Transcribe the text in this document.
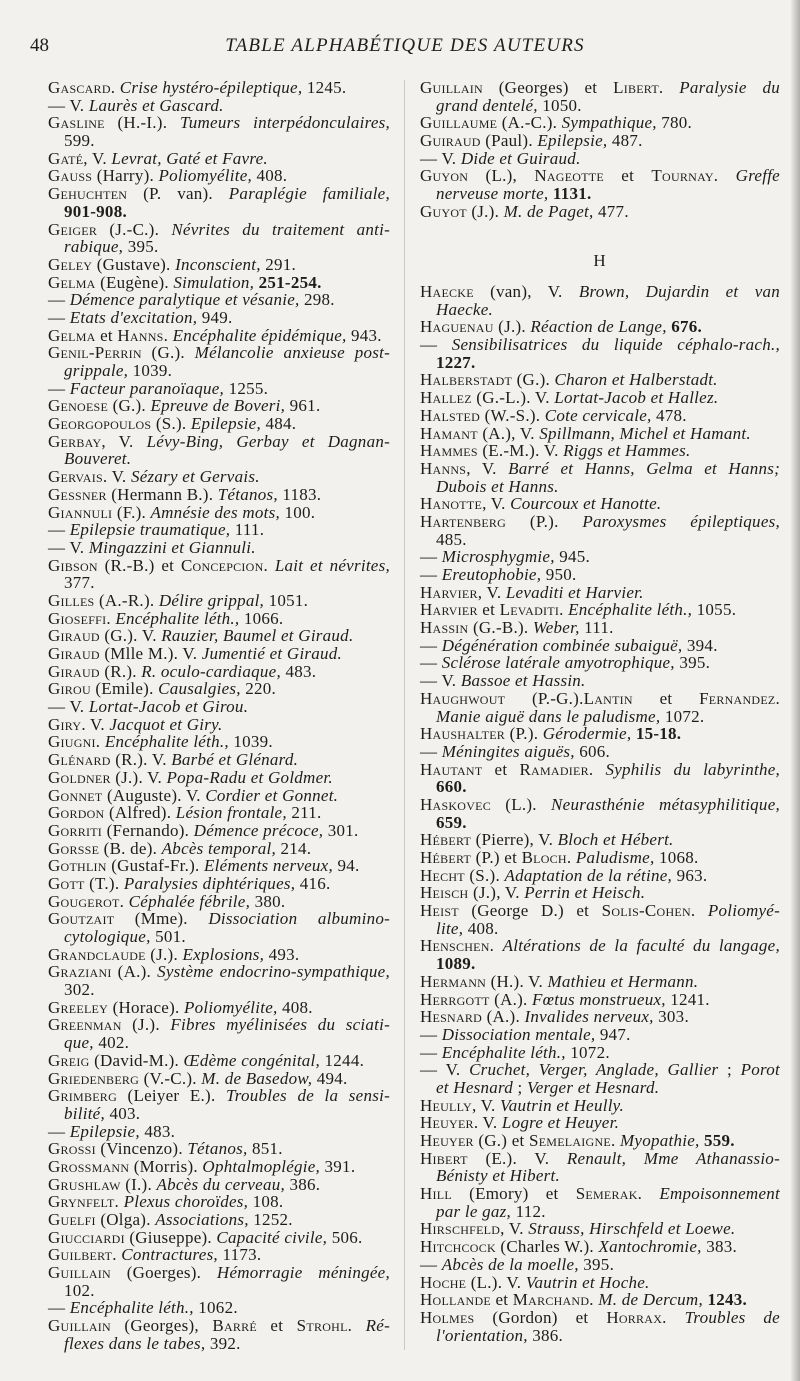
48	TABLE ALPHABÉTIQUE DES AUTEURS
Gascard. Crise hystéro-épileptique, 1245.
— V. Laurès et Gascard.
Gasline (H.-I.). Tumeurs interpédonculaires,
599.
Gaté, V. Levrat, Gaté et Favre.
Gauss (Harry). Poliomyélite, 408.
Gehuchten (P. van). Paraplégie familiale,
901-908.
Geiger (J.-C.). Névrites du traitement anti-
rabique, 395.
Geley (Gustave). Inconscient, 291.
Gelma (Eugène). Simulation, 251-254.
— Démence paralytique et vésanie, 298.
— Etats d'excitation, 949.
Gelma et Hanns. Encéphalite épidémique, 943.
Genil-Perrin (G.). Mélancolie anxieuse post-
grippale, 1039.
— Facteur paranoïaque, 1255.
Genoese (G.). Epreuve de Boveri, 961.
Georgopoulos (S.). Epilepsie, 484.
Gerbay, V. Lévy-Bing, Gerbay et Dagnan-
Bouveret.
Gervais. V. Sézary et Gervais.
Gessner (Hermann B.). Tétanos, 1183.
Giannuli (F.). Amnésie des mots, 100.
— Epilepsie traumatique, 111.
— V. Mingazzini et Giannuli.
Gibson (R.-B.) et Concepcion. Lait et névrites,
377.
Gilles (A.-R.). Délire grippal, 1051.
Gioseffi. Encéphalite léth., 1066.
Giraud (G.). V. Rauzier, Baumel et Giraud.
Giraud (Mlle M.). V. Jumentié et Giraud.
Giraud (R.). R. oculo-cardiaque, 483.
Girou (Emile). Causalgies, 220.
— V. Lortat-Jacob et Girou.
Giry. V. Jacquot et Giry.
Giugni. Encéphalite léth., 1039.
Glénard (R.). V. Barbé et Glénard.
Goldner (J.). V. Popa-Radu et Goldmer.
Gonnet (Auguste). V. Cordier et Gonnet.
Gordon (Alfred). Lésion frontale, 211.
Gorriti (Fernando). Démence précoce, 301.
Gorsse (B. de). Abcès temporal, 214.
Gothlin (Gustaf-Fr.). Eléments nerveux, 94.
Gott (T.). Paralysies diphtériques, 416.
Gougerot. Céphalée fébrile, 380.
Goutzait (Mme). Dissociation albumino-
cytologique, 501.
Grandclaude (J.). Explosions, 493.
Graziani (A.). Système endocrino-sympathique,
302.
Greeley (Horace). Poliomyélite, 408.
Greenman (J.). Fibres myélinisées du sciati-
que, 402.
Greig (David-M.). Œdème congénital, 1244.
Griedenberg (V.-C.). M. de Basedow, 494.
Grimberg (Leiyer E.). Troubles de la sensi-
bilité, 403.
— Epilepsie, 483.
Grossi (Vincenzo). Tétanos, 851.
Grossmann (Morris). Ophtalmoplégie, 391.
Grushlaw (I.). Abcès du cerveau, 386.
Grynfelt. Plexus choroïdes, 108.
Guelfi (Olga). Associations, 1252.
Giucciardi (Giuseppe). Capacité civile, 506.
Guilbert. Contractures, 1173.
Guillain (Goerges). Hémorragie méningée,
102.
— Encéphalite léth., 1062.
Guillain (Georges), Barré et Strohl. Ré-
flexes dans le tabes, 392.
Guillain (Georges) et Libert. Paralysie du
grand dentelé, 1050.
Guillaume (A.-C.). Sympathique, 780.
Guiraud (Paul). Epilepsie, 487.
— V. Dide et Guiraud.
Guyon (L.), Nageotte et Tournay. Greffe
nerveuse morte, 1131.
Guyot (J.). M. de Paget, 477.
H
Haecke (van), V. Brown, Dujardin et van
Haecke.
Haguenau (J.). Réaction de Lange, 676.
— Sensibilisatrices du liquide céphalo-rach.,
1227.
Halberstadt (G.). Charon et Halberstadt.
Hallez (G.-L.). V. Lortat-Jacob et Hallez.
Halsted (W.-S.). Cote cervicale, 478.
Hamant (A.), V. Spillmann, Michel et Hamant.
Hammes (E.-M.). V. Riggs et Hammes.
Hanns, V. Barré et Hanns, Gelma et Hanns;
Dubois et Hanns.
Hanotte, V. Courcoux et Hanotte.
Hartenberg (P.). Paroxysmes épileptiques,
485.
— Microsphygmie, 945.
— Ereutophobie, 950.
Harvier, V. Levaditi et Harvier.
Harvier et Levaditi. Encéphalite léth., 1055.
Hassin (G.-B.). Weber, 111.
— Dégénération combinée subaiguë, 394.
— Sclérose latérale amyotrophique, 395.
— V. Bassoe et Hassin.
Haughwout (P.-G.).Lantin et Fernandez.
Manie aiguë dans le paludisme, 1072.
Haushalter (P.). Gérodermie, 15-18.
— Méningites aiguës, 606.
Hautant et Ramadier. Syphilis du labyrinthe,
660.
Haskovec (L.). Neurasthénie métasyphilitique,
659.
Hébert (Pierre), V. Bloch et Hébert.
Hébert (P.) et Bloch. Paludisme, 1068.
Hecht (S.). Adaptation de la rétine, 963.
Heisch (J.), V. Perrin et Heisch.
Heist (George D.) et Solis-Cohen. Poliomyé-
lite, 408.
Henschen. Altérations de la faculté du langage,
1089.
Hermann (H.). V. Mathieu et Hermann.
Herrgott (A.). Fœtus monstrueux, 1241.
Hesnard (A.). Invalides nerveux, 303.
— Dissociation mentale, 947.
— Encéphalite léth., 1072.
— V. Cruchet, Verger, Anglade, Gallier ; Porot
et Hesnard ; Verger et Hesnard.
Heully, V. Vautrin et Heully.
Heuyer. V. Logre et Heuyer.
Heuyer (G.) et Semelaigne. Myopathie, 559.
Hibert (E.). V. Renault, Mme Athanassio-
Bénisty et Hibert.
Hill (Emory) et Semerak. Empoisonnement
par le gaz, 112.
Hirschfeld, V. Strauss, Hirschfeld et Loewe.
Hitchcock (Charles W.). Xantochromie, 383.
— Abcès de la moelle, 395.
Hoche (L.). V. Vautrin et Hoche.
Hollande et Marchand. M. de Dercum, 1243.
Holmes (Gordon) et Horrax. Troubles de
l'orientation, 386.
